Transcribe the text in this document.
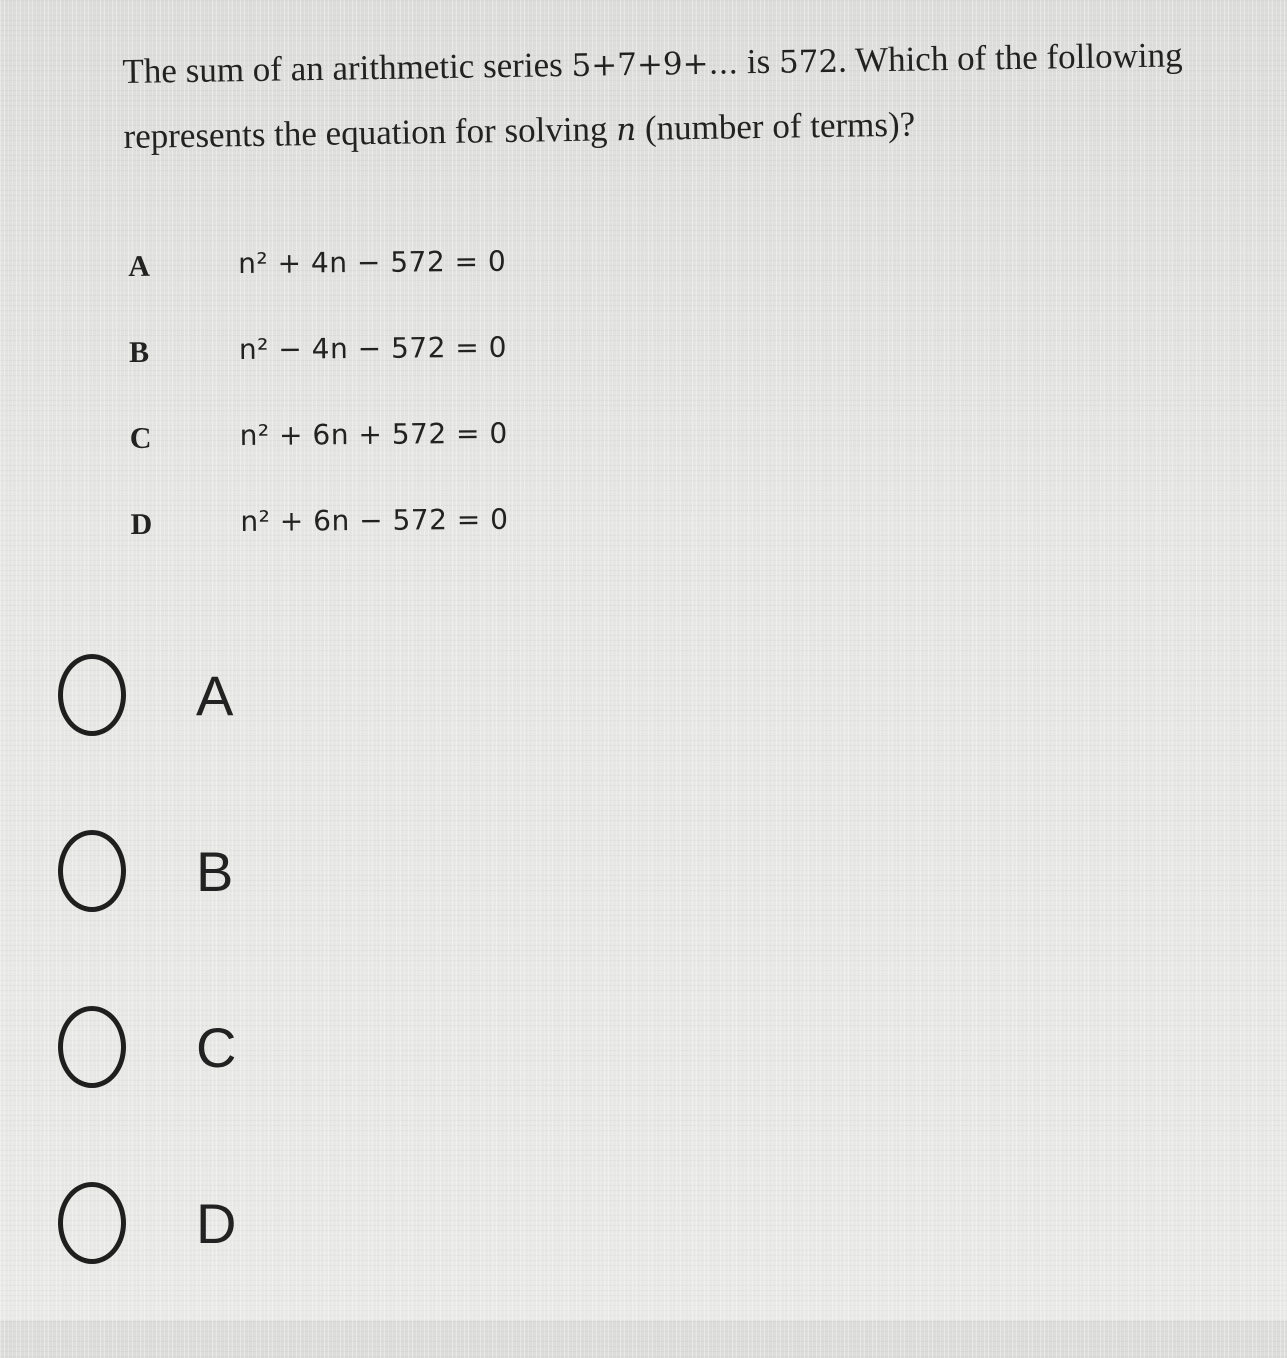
The sum of an arithmetic series 5+7+9+... is 572. Which of the following represents the equation for solving n (number of terms)?
A	n² + 4n − 572 = 0
B	n² − 4n − 572 = 0
C	n² + 6n + 572 = 0
D	n² + 6n − 572 = 0
A
B
C
D
